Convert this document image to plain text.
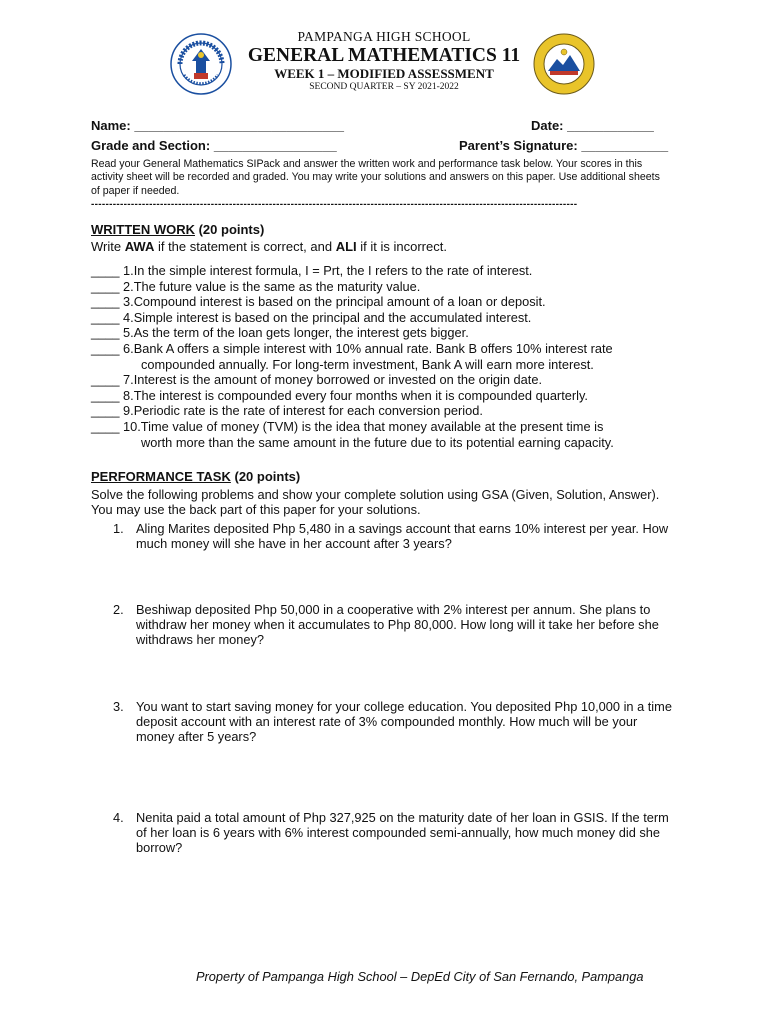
PAMPANGA HIGH SCHOOL
GENERAL MATHEMATICS 11
WEEK 1 – MODIFIED ASSESSMENT
SECOND QUARTER – SY 2021-2022
Name: _____________________________	Date: ____________
Grade and Section: _________________	Parent’s Signature: ____________
Read your General Mathematics SIPack and answer the written work and performance task below. Your scores in this activity sheet will be recorded and graded. You may write your solutions and answers on this paper. Use additional sheets of paper if needed.
--------------------------------------------------------------------------------------------------------------------------------------
WRITTEN WORK (20 points)
Write AWA if the statement is correct, and ALI if it is incorrect.
____ 1. In the simple interest formula, I = Prt, the I refers to the rate of interest.
____ 2. The future value is the same as the maturity value.
____ 3. Compound interest is based on the principal amount of a loan or deposit.
____ 4. Simple interest is based on the principal and the accumulated interest.
____ 5. As the term of the loan gets longer, the interest gets bigger.
____ 6. Bank A offers a simple interest with 10% annual rate. Bank B offers 10% interest rate
compounded annually. For long-term investment, Bank A will earn more interest.
____ 7. Interest is the amount of money borrowed or invested on the origin date.
____ 8. The interest is compounded every four months when it is compounded quarterly.
____ 9. Periodic rate is the rate of interest for each conversion period.
____ 10. Time value of money (TVM) is the idea that money available at the present time is
worth more than the same amount in the future due to its potential earning capacity.
PERFORMANCE TASK (20 points)
Solve the following problems and show your complete solution using GSA (Given, Solution, Answer). You may use the back part of this paper for your solutions.
1. Aling Marites deposited Php 5,480 in a savings account that earns 10% interest per year. How much money will she have in her account after 3 years?
2. Beshiwap deposited Php 50,000 in a cooperative with 2% interest per annum. She plans to withdraw her money when it accumulates to Php 80,000. How long will it take her before she withdraws her money?
3. You want to start saving money for your college education. You deposited Php 10,000 in a time deposit account with an interest rate of 3% compounded monthly. How much will be your money after 5 years?
4. Nenita paid a total amount of Php 327,925 on the maturity date of her loan in GSIS. If the term of her loan is 6 years with 6% interest compounded semi-annually, how much money did she borrow?
Property of Pampanga High School – DepEd City of San Fernando, Pampanga
